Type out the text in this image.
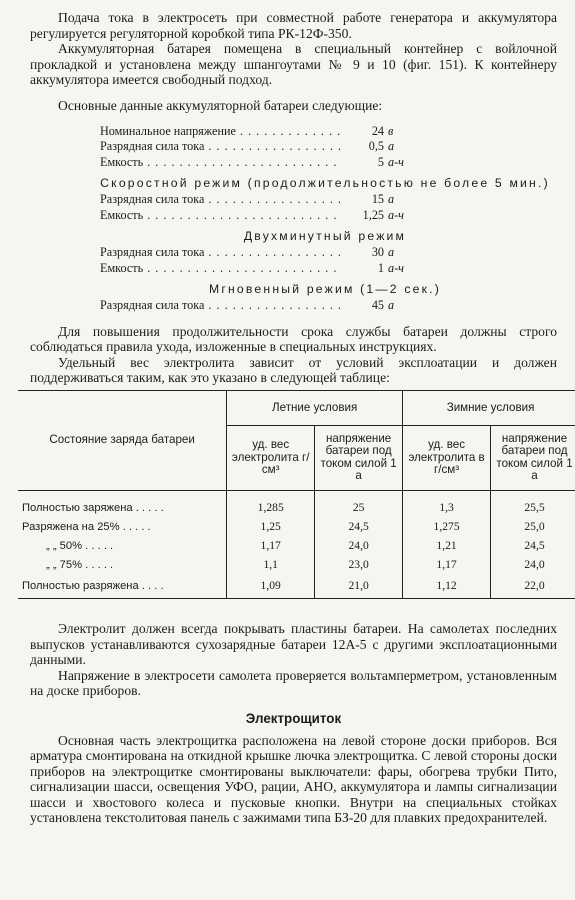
Подача тока в электросеть при совместной работе генератора и аккумулятора регулируется регуляторной коробкой типа РК-12Ф-350.

Аккумуляторная батарея помещена в специальный контейнер с войлочной прокладкой и установлена между шпангоутами № 9 и 10 (фиг. 151). К контейнеру аккумулятора имеется свободный подход.

Основные данные аккумуляторной батареи следующие:

Номинальное напряжение . . .	24 в
Разрядная сила тока . . .	0,5 а
Емкость . . .	5 а-ч
Скоростной режим (продолжительностью не более 5 мин.)
Разрядная сила тока . . .	15 а
Емкость . . .	1,25 а-ч
Двухминутный режим
Разрядная сила тока . . .	30 а
Емкость . . .	1 а-ч
Мгновенный режим (1—2 сек.)
Разрядная сила тока . . .	45 а

Для повышения продолжительности срока службы батареи должны строго соблюдаться правила ухода, изложенные в специальных инструкциях.

Удельный вес электролита зависит от условий эксплоатации и должен поддерживаться таким, как это указано в следующей таблице:

Состояние заряда батареи	Летние условия		Зимние условия	
	уд. вес электролита г/см³	напряжение батареи под током силой 1 а	уд. вес электролита в г/см³	напряжение батареи под током силой 1 а

Полностью заряжена . . . . .	1,285	25	1,3	25,5
Разряжена на 25% . . . . .	1,25	24,5	1,275	25,0
„ „ 50% . . . . .	1,17	24,0	1,21	24,5
„ „ 75% . . . . .	1,1	23,0	1,17	24,0
Полностью разряжена . . . .	1,09	21,0	1,12	22,0

Электролит должен всегда покрывать пластины батареи. На самолетах последних выпусков устанавливаются сухозарядные батареи 12А-5 с другими эксплоатационными данными.

Напряжение в электросети самолета проверяется вольтамперметром, установленным на доске приборов.

Электрощиток

Основная часть электрощитка расположена на левой стороне доски приборов. Вся арматура смонтирована на откидной крышке лючка электрощитка. С левой стороны доски приборов на электрощитке смонтированы выключатели: фары, обогрева трубки Пито, сигнализации шасси, освещения УФО, рации, АНО, аккумулятора и лампы сигнализации шасси и хвостового колеса и пусковые кнопки. Внутри на специальных стойках установлена текстолитовая панель с зажимами типа БЗ-20 для плавких предохранителей.
